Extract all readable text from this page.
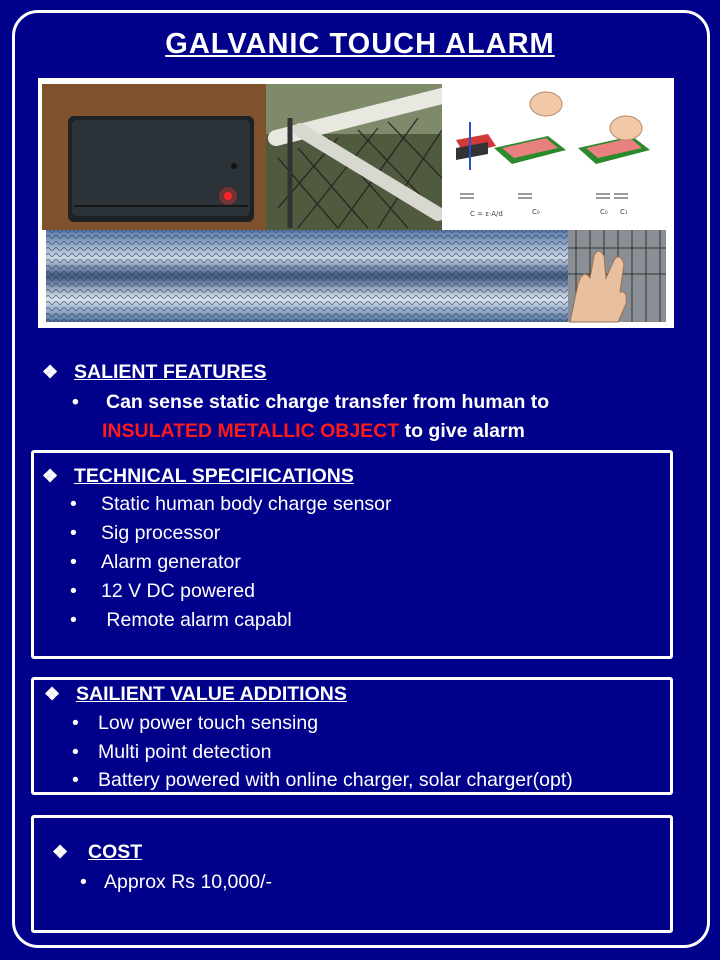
GALVANIC TOUCH ALARM
C = ε·A/d	C₀	C₀ C₁
❖ SALIENT FEATURES
• Can sense static charge transfer from human to
INSULATED METALLIC OBJECT to give alarm
❖ TECHNICAL SPECIFICATIONS
• Static human body charge sensor
• Sig processor
• Alarm generator
• 12 V DC powered
• Remote alarm capabl
❖ SAILIENT VALUE ADDITIONS
• Low power touch sensing
• Multi point detection
• Battery powered with online charger, solar charger(opt)
❖ COST
• Approx Rs 10,000/-
